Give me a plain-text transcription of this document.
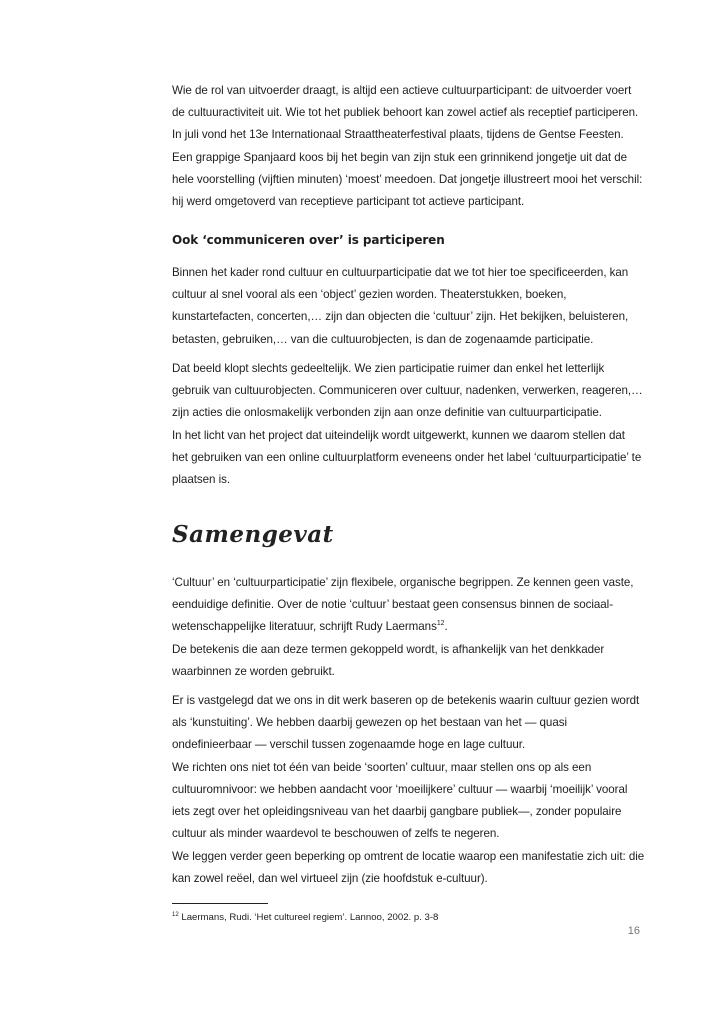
Wie de rol van uitvoerder draagt, is altijd een actieve cultuurparticipant: de uitvoerder voert
de cultuuractiviteit uit. Wie tot het publiek behoort kan zowel actief als receptief participeren.
In juli vond het 13e Internationaal Straattheaterfestival plaats, tijdens de Gentse Feesten.
Een grappige Spanjaard koos bij het begin van zijn stuk een grinnikend jongetje uit dat de
hele voorstelling (vijftien minuten) ‘moest’ meedoen. Dat jongetje illustreert mooi het verschil:
hij werd omgetoverd van receptieve participant tot actieve participant.

Ook ‘communiceren over’ is participeren

Binnen het kader rond cultuur en cultuurparticipatie dat we tot hier toe specificeerden, kan
cultuur al snel vooral als een ‘object’ gezien worden. Theaterstukken, boeken,
kunstartefacten, concerten,… zijn dan objecten die ‘cultuur’ zijn. Het bekijken, beluisteren,
betasten, gebruiken,… van die cultuurobjecten, is dan de zogenaamde participatie.

Dat beeld klopt slechts gedeeltelijk. We zien participatie ruimer dan enkel het letterlijk
gebruik van cultuurobjecten. Communiceren over cultuur, nadenken, verwerken, reageren,…
zijn acties die onlosmakelijk verbonden zijn aan onze definitie van cultuurparticipatie.
In het licht van het project dat uiteindelijk wordt uitgewerkt, kunnen we daarom stellen dat
het gebruiken van een online cultuurplatform eveneens onder het label ‘cultuurparticipatie’ te
plaatsen is.

Samengevat

‘Cultuur’ en ‘cultuurparticipatie’ zijn flexibele, organische begrippen. Ze kennen geen vaste,
eenduidige definitie. Over de notie ‘cultuur’ bestaat geen consensus binnen de sociaal-
wetenschappelijke literatuur, schrijft Rudy Laermans$^{12}$.
De betekenis die aan deze termen gekoppeld wordt, is afhankelijk van het denkkader
waarbinnen ze worden gebruikt.

Er is vastgelegd dat we ons in dit werk baseren op de betekenis waarin cultuur gezien wordt
als ‘kunstuiting’. We hebben daarbij gewezen op het bestaan van het — quasi
ondefinieerbaar — verschil tussen zogenaamde hoge en lage cultuur.
We richten ons niet tot één van beide ‘soorten’ cultuur, maar stellen ons op als een
cultuuromnivoor: we hebben aandacht voor ‘moeilijkere’ cultuur — waarbij ‘moeilijk’ vooral
iets zegt over het opleidingsniveau van het daarbij gangbare publiek—, zonder populaire
cultuur als minder waardevol te beschouwen of zelfs te negeren.

We leggen verder geen beperking op omtrent de locatie waarop een manifestatie zich uit: die
kan zowel reëel, dan wel virtueel zijn (zie hoofdstuk e-cultuur).

$^{12}$ Laermans, Rudi. ‘Het cultureel regiem’. Lannoo, 2002. p. 3-8

16
